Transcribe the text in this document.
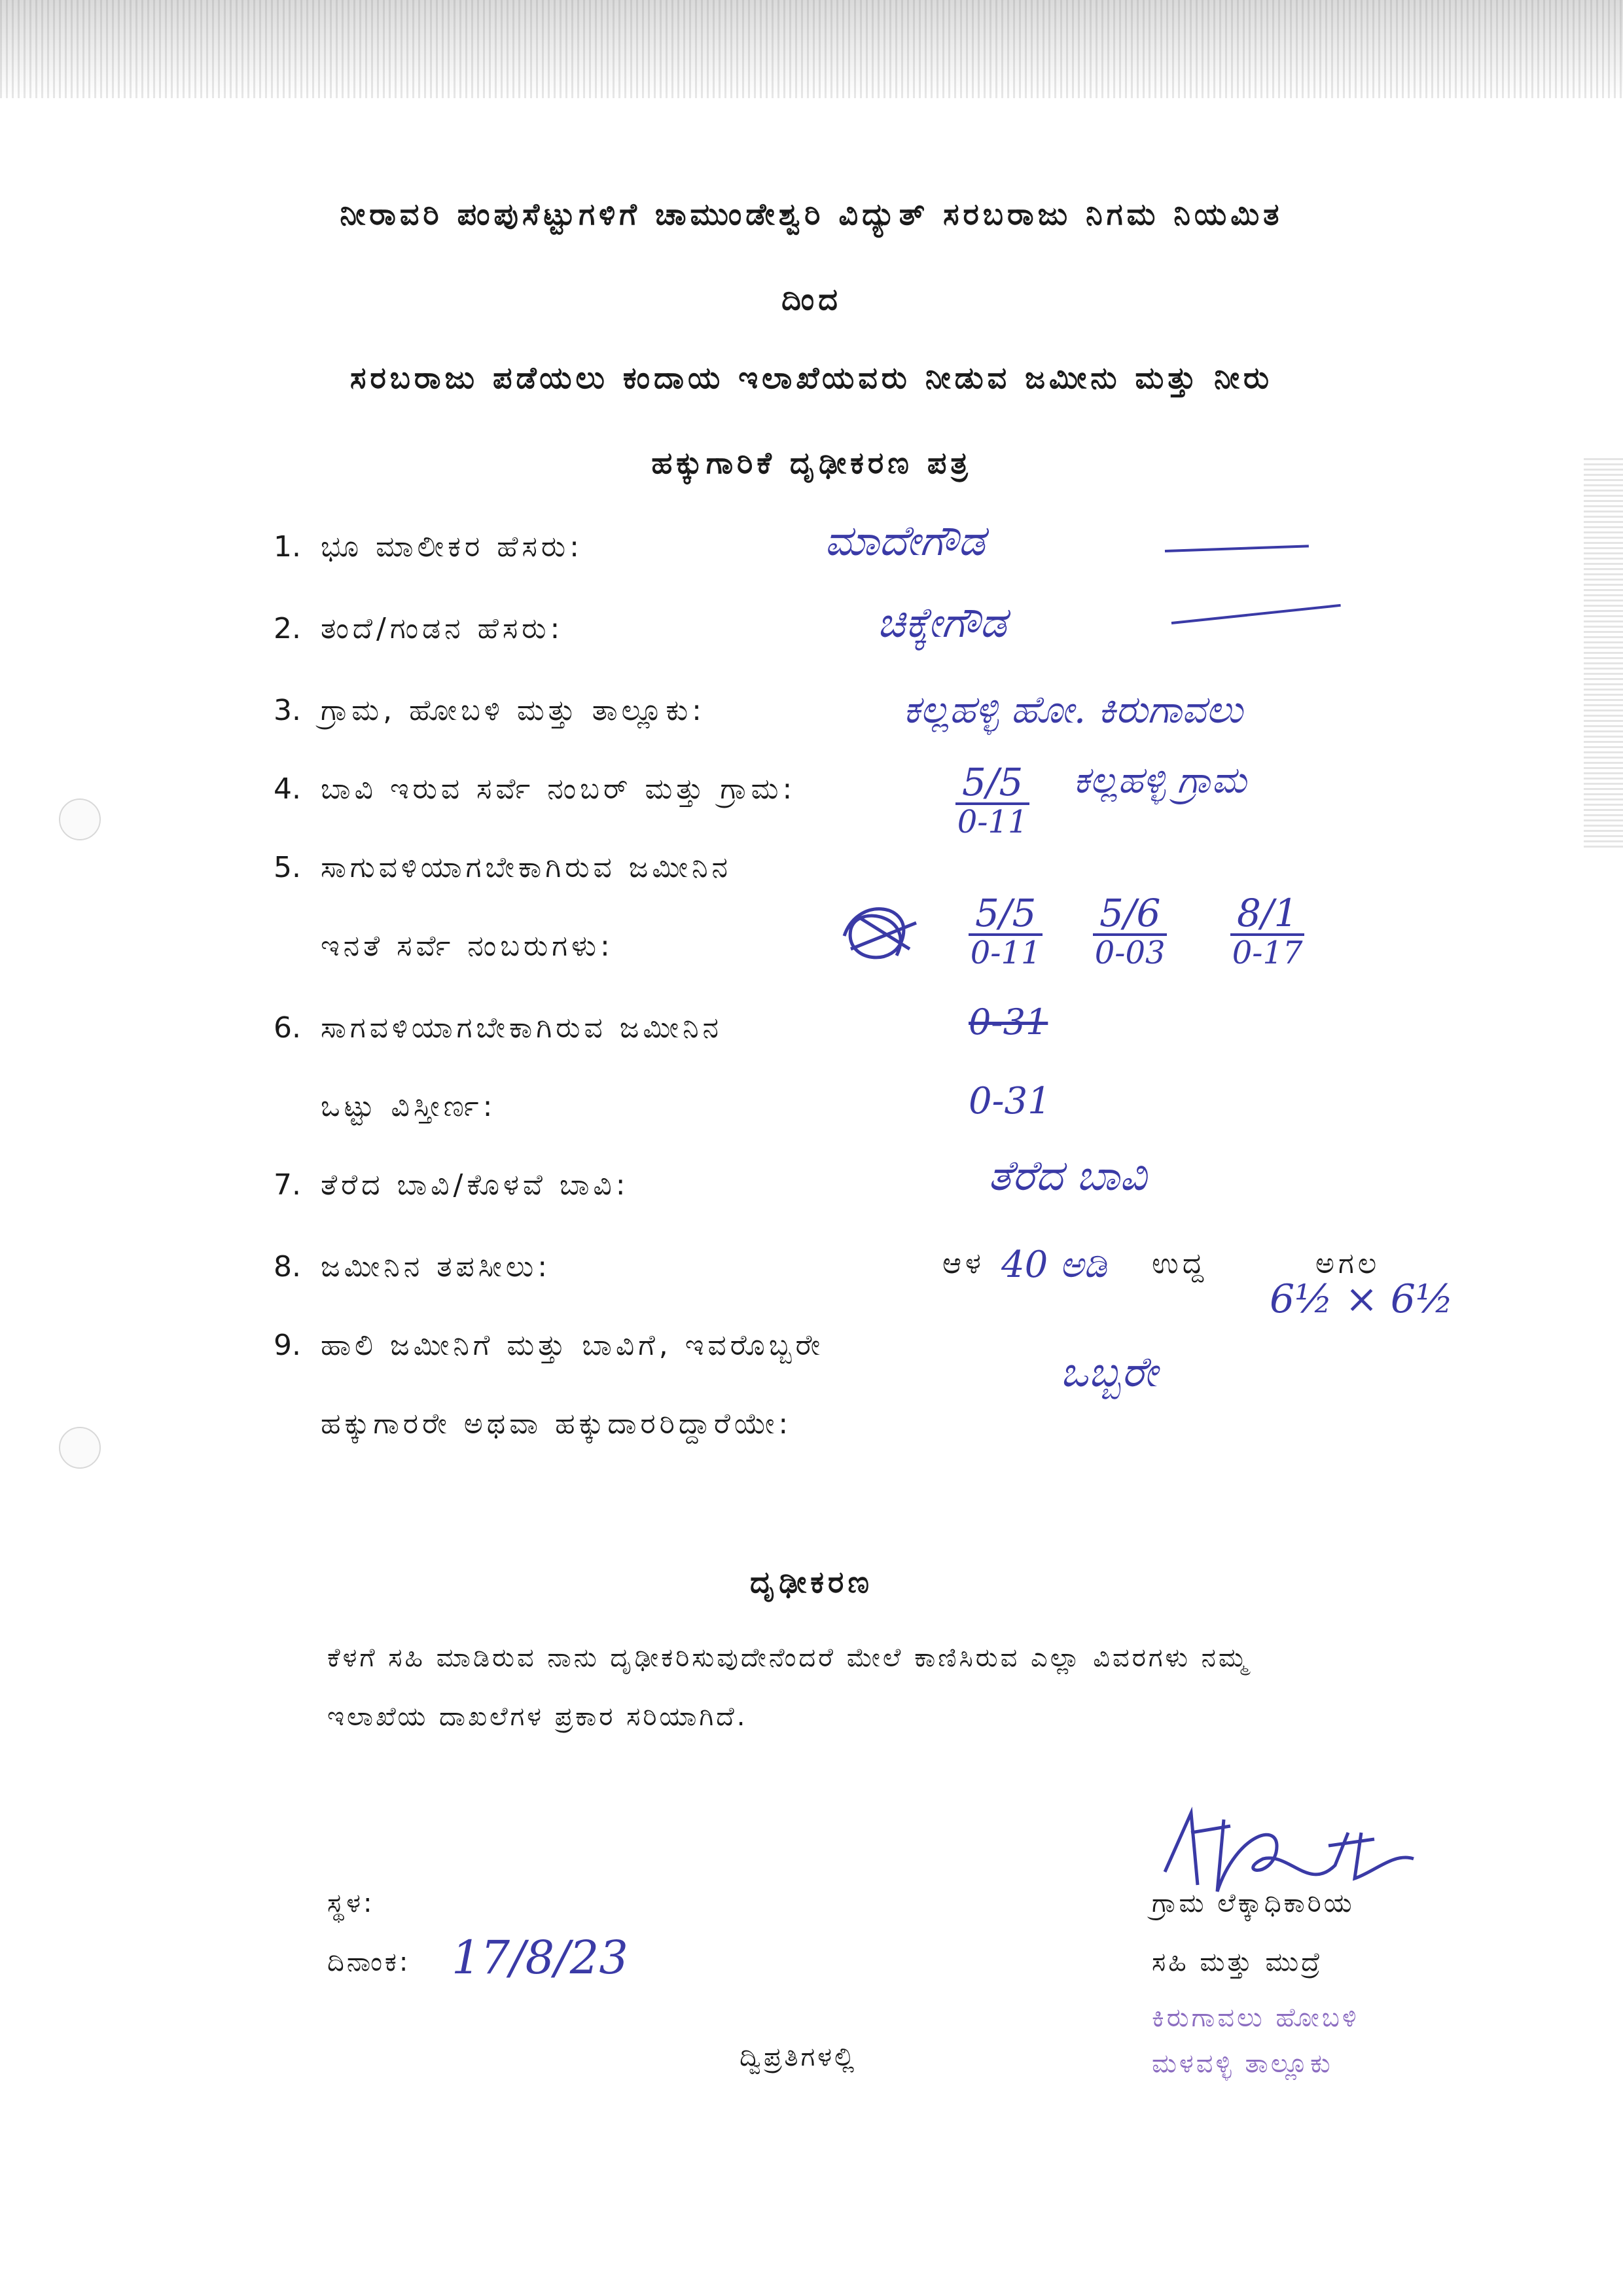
ನೀರಾವರಿ ಪಂಪುಸೆಟ್ಟುಗಳಿಗೆ ಚಾಮುಂಡೇಶ್ವರಿ ವಿದ್ಯುತ್ ಸರಬರಾಜು ನಿಗಮ ನಿಯಮಿತ
ದಿಂದ
ಸರಬರಾಜು ಪಡೆಯಲು ಕಂದಾಯ ಇಲಾಖೆಯವರು ನೀಡುವ ಜಮೀನು ಮತ್ತು ನೀರು
ಹಕ್ಕುಗಾರಿಕೆ ದೃಢೀಕರಣ ಪತ್ರ
1. ಭೂ ಮಾಲೀಕರ ಹೆಸರು:	ಮಾದೇಗೌಡ
2. ತಂದೆ/ಗಂಡನ ಹೆಸರು:	ಚಿಕ್ಕೇಗೌಡ
3. ಗ್ರಾಮ, ಹೋಬಳಿ ಮತ್ತು ತಾಲ್ಲೂಕು:	ಕಲ್ಲಹಳ್ಳಿ ಹೋ. ಕಿರುಗಾವಲು
4. ಬಾವಿ ಇರುವ ಸರ್ವೆ ನಂಬರ್ ಮತ್ತು ಗ್ರಾಮ:	5/5
0-11
ಕಲ್ಲಹಳ್ಳಿ ಗ್ರಾಮ
5. ಸಾಗುವಳಿಯಾಗಬೇಕಾಗಿರುವ ಜಮೀನಿನ
ಇನತೆ ಸರ್ವೆ ನಂಬರುಗಳು:
5/5
0-11
5/6
0-03
8/1
0-17
6. ಸಾಗವಳಿಯಾಗಬೇಕಾಗಿರುವ ಜಮೀನಿನ
ಒಟ್ಟು ವಿಸ್ತೀರ್ಣ:
0-31
0-31
7. ತೆರೆದ ಬಾವಿ/ಕೊಳವೆ ಬಾವಿ:	ತೆರೆದ ಬಾವಿ
8. ಜಮೀನಿನ ತಪಸೀಲು:	ಆಳ 40 ಅಡಿ ಉದ್ದ	ಅಗಲ
6½ × 6½
9. ಹಾಲಿ ಜಮೀನಿಗೆ ಮತ್ತು ಬಾವಿಗೆ, ಇವರೊಬ್ಬರೇ
ಹಕ್ಕುಗಾರರೇ ಅಥವಾ ಹಕ್ಕುದಾರರಿದ್ದಾರೆಯೇ:
ಒಬ್ಬರೇ
ದೃಢೀಕರಣ
ಕೆಳಗೆ ಸಹಿ ಮಾಡಿರುವ ನಾನು ದೃಢೀಕರಿಸುವುದೇನೆಂದರೆ ಮೇಲೆ ಕಾಣಿಸಿರುವ ಎಲ್ಲಾ ವಿವರಗಳು ನಮ್ಮ
ಇಲಾಖೆಯ ದಾಖಲೆಗಳ ಪ್ರಕಾರ ಸರಿಯಾಗಿದೆ.
ಸ್ಥಳ:
ದಿನಾಂಕ: 17/8/23
ದ್ವಿಪ್ರತಿಗಳಲ್ಲಿ
ಗ್ರಾಮ ಲೆಕ್ಕಾಧಿಕಾರಿಯ
ಸಹಿ ಮತ್ತು ಮುದ್ರೆ
ಕಿರುಗಾವಲು ಹೋಬಳಿ
ಮಳವಳ್ಳಿ ತಾಲ್ಲೂಕು
